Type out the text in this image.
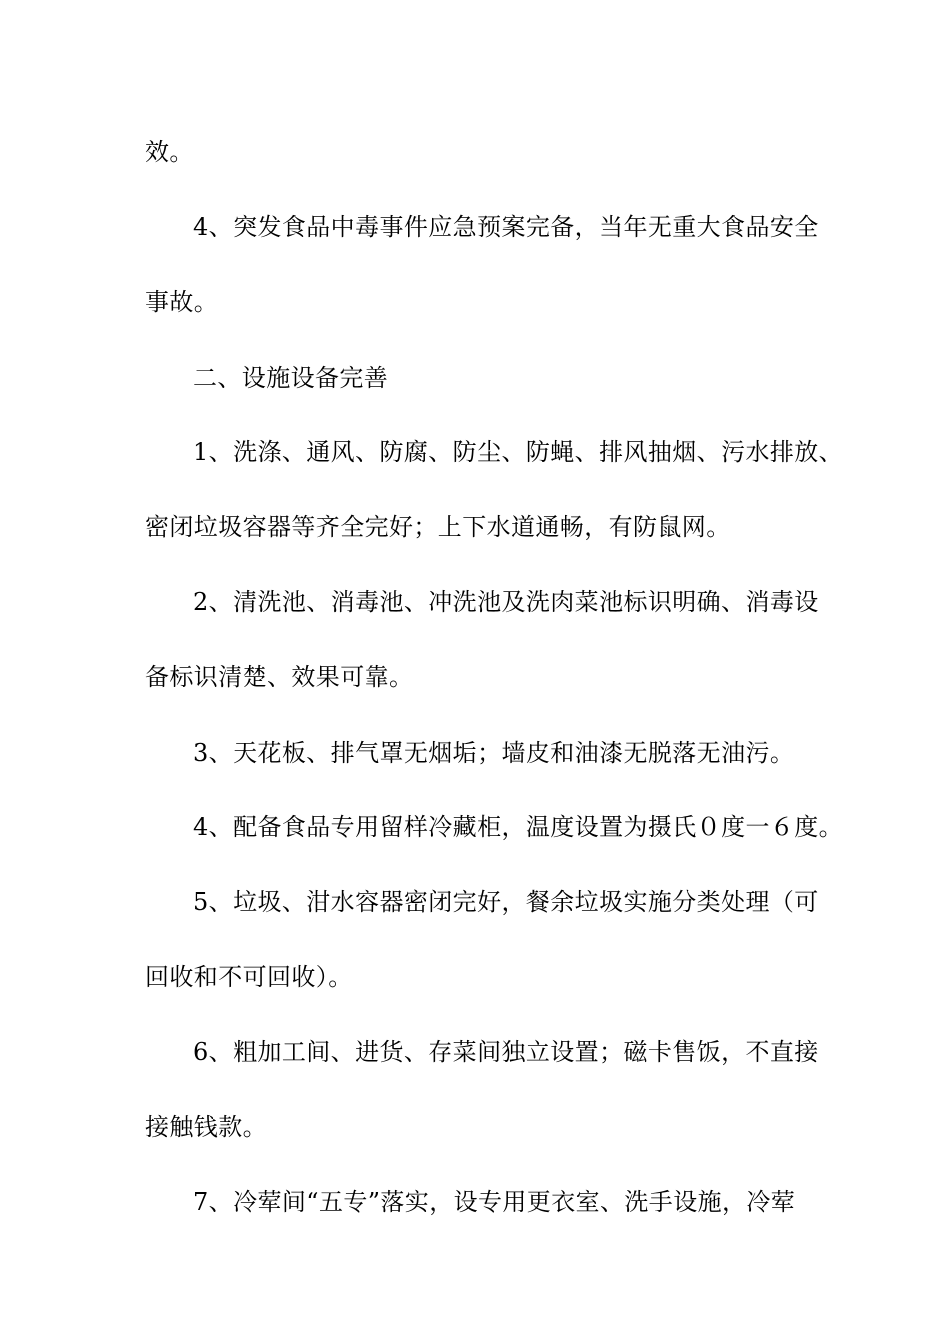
效。
4、突发食品中毒事件应急预案完备，当年无重大食品安全
事故。
二、设施设备完善
1、洗涤、通风、防腐、防尘、防蝇、排风抽烟、污水排放、
密闭垃圾容器等齐全完好；上下水道通畅，有防鼠网。
2、清洗池、消毒池、冲洗池及洗肉菜池标识明确、消毒设
备标识清楚、效果可靠。
3、天花板、排气罩无烟垢；墙皮和油漆无脱落无油污。
4、配备食品专用留样冷藏柜，温度设置为摄氏０度一６度。
5、垃圾、泔水容器密闭完好，餐余垃圾实施分类处理（可
回收和不可回收）。
6、粗加工间、进货、存菜间独立设置；磁卡售饭，不直接
接触钱款。
7、冷荤间“五专”落实，设专用更衣室、洗手设施，冷荤
